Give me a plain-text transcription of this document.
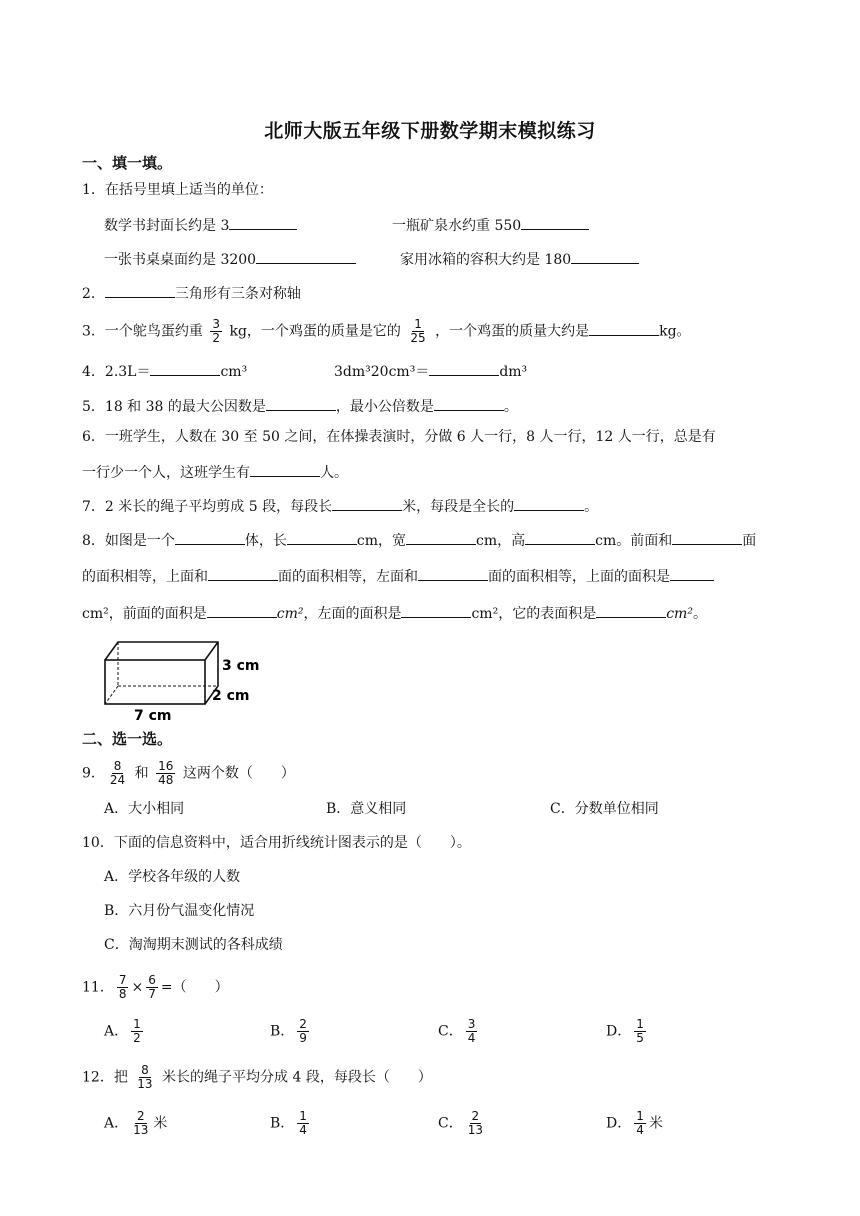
北师大版五年级下册数学期末模拟练习
一、填一填。
1．在括号里填上适当的单位：
数学书封面长约是 3	一瓶矿泉水约重 550
一张书桌桌面约是 3200	家用冰箱的容积大约是 180
2．	三角形有三条对称轴
3．一个鸵鸟蛋约重 $\frac{3}{2}$ kg，一个鸡蛋的质量是它的 $\frac{1}{25}$ ，一个鸡蛋的质量大约是	kg。
4．2.3L＝	cm³	3dm³20cm³＝	dm³
5．18 和 38 的最大公因数是	，最小公倍数是	。
6．一班学生，人数在 30 至 50 之间，在体操表演时，分做 6 人一行，8 人一行，12 人一行，总是有
一行少一个人，这班学生有	人。
7．2 米长的绳子平均剪成 5 段，每段长	米，每段是全长的	。
8．如图是一个	体，长	cm，宽	cm，高	cm。前面和	面
的面积相等，上面和	面的面积相等，左面和	面的面积相等，上面的面积是
cm²，前面的面积是	cm²，左面的面积是	cm²，它的表面积是	cm²。
3 cm
2 cm
7 cm
二、选一选。
9． $\frac{8}{24}$ 和 $\frac{16}{48}$ 这两个数（　　）
A．大小相同	B．意义相同	C．分数单位相同
10．下面的信息资料中，适合用折线统计图表示的是（　　）。
A．学校各年级的人数
B．六月份气温变化情况
C．淘淘期末测试的各科成绩
11． $\frac{7}{8} \times \frac{6}{7}$ =（　　）
A． $\frac{1}{2}$	B． $\frac{2}{9}$	C． $\frac{3}{4}$	D． $\frac{1}{5}$
12．把 $\frac{8}{13}$ 米长的绳子平均分成 4 段，每段长（　　）
A． $\frac{2}{13}$ 米	B． $\frac{1}{4}$	C． $\frac{2}{13}$	D． $\frac{1}{4}$ 米
